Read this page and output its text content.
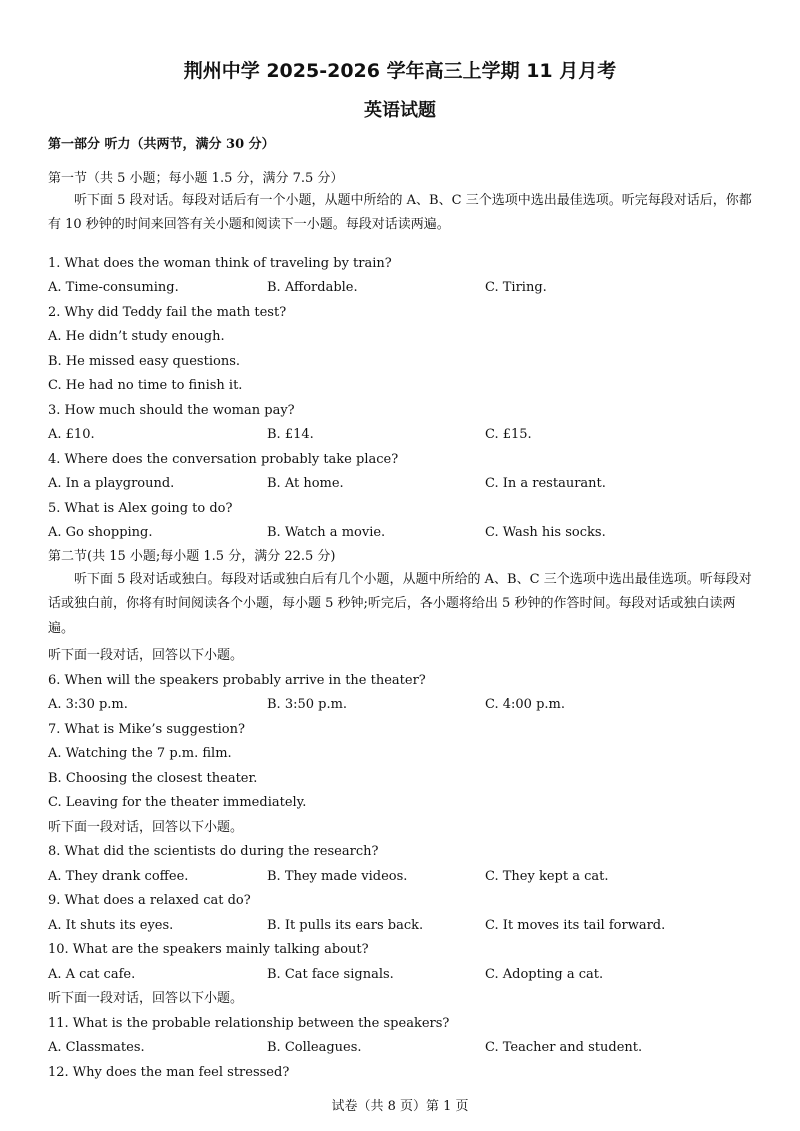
荆州中学 2025-2026 学年高三上学期 11 月月考
英语试题
第一部分 听力（共两节，满分 30 分）
第一节（共 5 小题；每小题 1.5 分，满分 7.5 分）
听下面 5 段对话。每段对话后有一个小题，从题中所给的 A、B、C 三个选项中选出最佳选项。听完每段对话后，你都有 10 秒钟的时间来回答有关小题和阅读下一小题。每段对话读两遍。
1. What does the woman think of traveling by train?
A. Time-consuming.	B. Affordable.	C. Tiring.
2. Why did Teddy fail the math test?
A. He didn’t study enough.
B. He missed easy questions.
C. He had no time to finish it.
3. How much should the woman pay?
A. £10.	B. £14.	C. £15.
4. Where does the conversation probably take place?
A. In a playground.	B. At home.	C. In a restaurant.
5. What is Alex going to do?
A. Go shopping.	B. Watch a movie.	C. Wash his socks.
第二节(共 15 小题;每小题 1.5 分，满分 22.5 分)
听下面 5 段对话或独白。每段对话或独白后有几个小题，从题中所给的 A、B、C 三个选项中选出最佳选项。听每段对话或独白前，你将有时间阅读各个小题，每小题 5 秒钟;听完后，各小题将给出 5 秒钟的作答时间。每段对话或独白读两遍。
听下面一段对话，回答以下小题。
6. When will the speakers probably arrive in the theater?
A. 3:30 p.m.	B. 3:50 p.m.	C. 4:00 p.m.
7. What is Mike’s suggestion?
A. Watching the 7 p.m. film.
B. Choosing the closest theater.
C. Leaving for the theater immediately.
听下面一段对话，回答以下小题。
8. What did the scientists do during the research?
A. They drank coffee.	B. They made videos.	C. They kept a cat.
9. What does a relaxed cat do?
A. It shuts its eyes.	B. It pulls its ears back.	C. It moves its tail forward.
10. What are the speakers mainly talking about?
A. A cat cafe.	B. Cat face signals.	C. Adopting a cat.
听下面一段对话，回答以下小题。
11. What is the probable relationship between the speakers?
A. Classmates.	B. Colleagues.	C. Teacher and student.
12. Why does the man feel stressed?
试卷（共 8 页）第 1 页
